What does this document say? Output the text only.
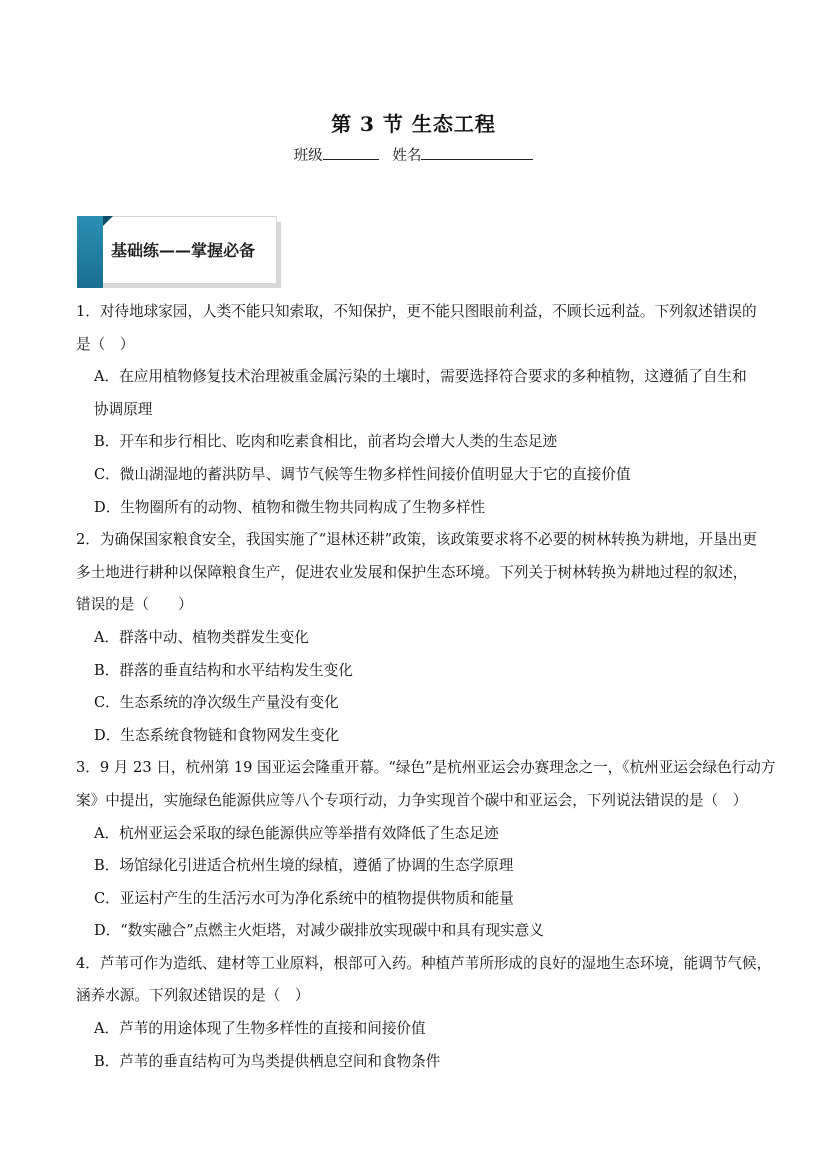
第 3 节 生态工程
班级	姓名
基础练——掌握必备
1．对待地球家园，人类不能只知索取，不知保护，更不能只图眼前利益，不顾长远利益。下列叙述错误的
是（　）
A．在应用植物修复技术治理被重金属污染的土壤时，需要选择符合要求的多种植物，这遵循了自生和
协调原理
B．开车和步行相比、吃肉和吃素食相比，前者均会增大人类的生态足迹
C．微山湖湿地的蓄洪防旱、调节气候等生物多样性间接价值明显大于它的直接价值
D．生物圈所有的动物、植物和微生物共同构成了生物多样性
2．为确保国家粮食安全，我国实施了“退林还耕”政策，该政策要求将不必要的树林转换为耕地，开垦出更
多土地进行耕种以保障粮食生产，促进农业发展和保护生态环境。下列关于树林转换为耕地过程的叙述，
错误的是（　　）
A．群落中动、植物类群发生变化
B．群落的垂直结构和水平结构发生变化
C．生态系统的净次级生产量没有变化
D．生态系统食物链和食物网发生变化
3．9 月 23 日，杭州第 19 国亚运会隆重开幕。“绿色”是杭州亚运会办赛理念之一，《杭州亚运会绿色行动方
案》中提出，实施绿色能源供应等八个专项行动，力争实现首个碳中和亚运会，下列说法错误的是（　）
A．杭州亚运会采取的绿色能源供应等举措有效降低了生态足迹
B．场馆绿化引进适合杭州生境的绿植，遵循了协调的生态学原理
C．亚运村产生的生活污水可为净化系统中的植物提供物质和能量
D．“数实融合”点燃主火炬塔，对减少碳排放实现碳中和具有现实意义
4．芦苇可作为造纸、建材等工业原料，根部可入药。种植芦苇所形成的良好的湿地生态环境，能调节气候，
涵养水源。下列叙述错误的是（　）
A．芦苇的用途体现了生物多样性的直接和间接价值
B．芦苇的垂直结构可为鸟类提供栖息空间和食物条件
